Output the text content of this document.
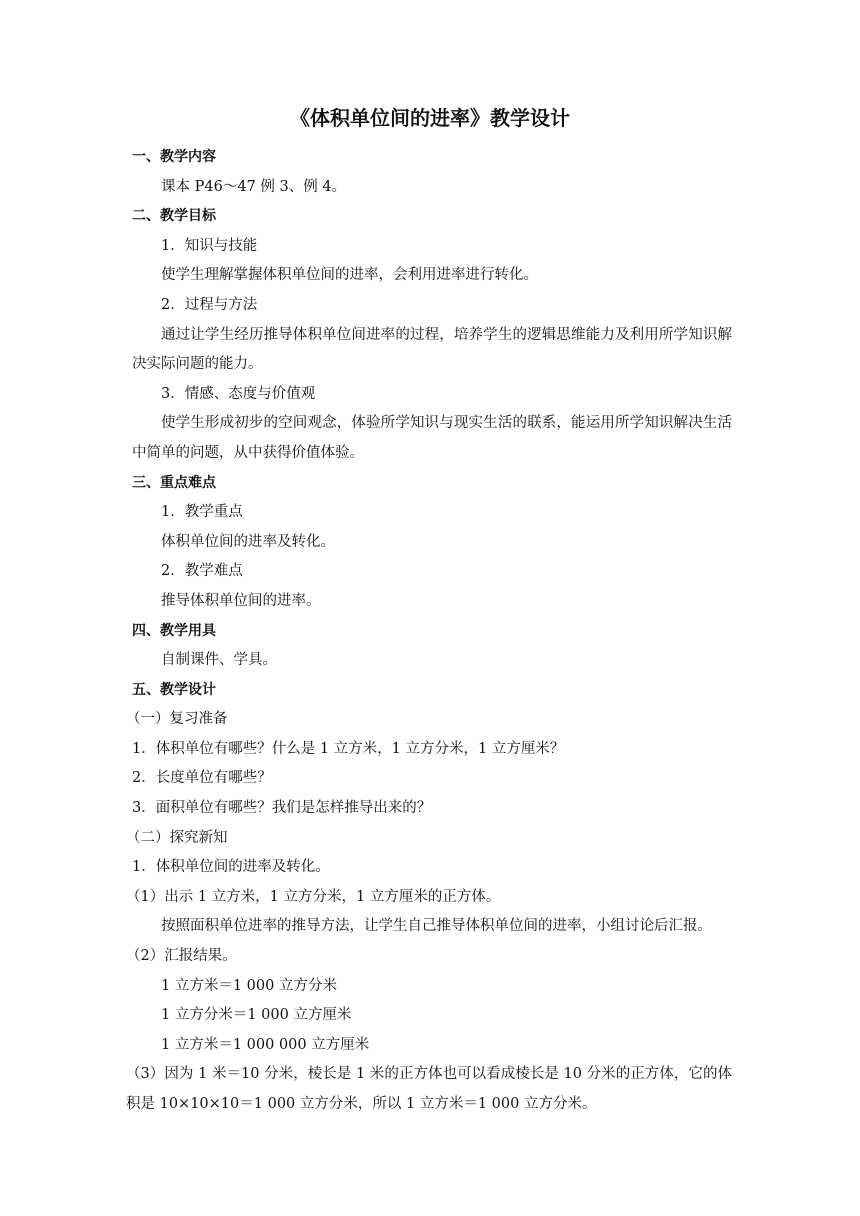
《体积单位间的进率》教学设计

一、教学内容

课本 P46～47 例 3、例 4。

二、教学目标

1．知识与技能

使学生理解掌握体积单位间的进率，会利用进率进行转化。

2．过程与方法

通过让学生经历推导体积单位间进率的过程，培养学生的逻辑思维能力及利用所学知识解决实际问题的能力。

3．情感、态度与价值观

使学生形成初步的空间观念，体验所学知识与现实生活的联系，能运用所学知识解决生活中简单的问题，从中获得价值体验。

三、重点难点

1．教学重点

体积单位间的进率及转化。

2．教学难点

推导体积单位间的进率。

四、教学用具

自制课件、学具。

五、教学设计

（一）复习准备

1．体积单位有哪些？什么是 1 立方米，1 立方分米，1 立方厘米？

2．长度单位有哪些？

3．面积单位有哪些？我们是怎样推导出来的？

（二）探究新知

1．体积单位间的进率及转化。

（1）出示 1 立方米，1 立方分米，1 立方厘米的正方体。

按照面积单位进率的推导方法，让学生自己推导体积单位间的进率，小组讨论后汇报。

（2）汇报结果。

1 立方米＝1 000 立方分米

1 立方分米＝1 000 立方厘米

1 立方米＝1 000 000 立方厘米

（3）因为 1 米＝10 分米，棱长是 1 米的正方体也可以看成棱长是 10 分米的正方体，它的体积是 10×10×10＝1 000 立方分米，所以 1 立方米＝1 000 立方分米。
